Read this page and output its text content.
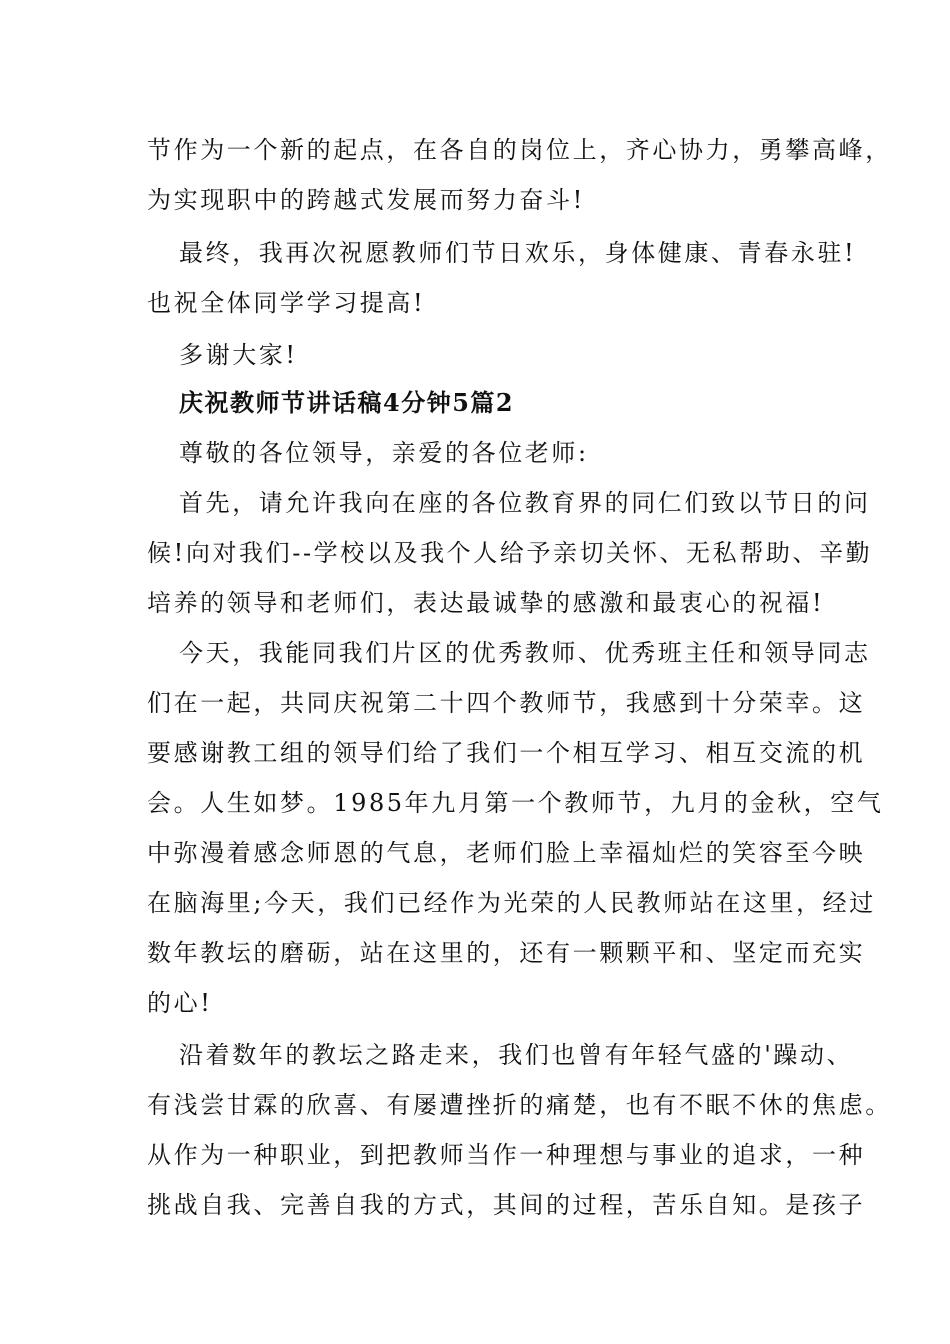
节作为一个新的起点，在各自的岗位上，齐心协力，勇攀高峰，
为实现职中的跨越式发展而努力奋斗!
最终，我再次祝愿教师们节日欢乐，身体健康、青春永驻!
也祝全体同学学习提高!
多谢大家!
庆祝教师节讲话稿4分钟5篇2
尊敬的各位领导，亲爱的各位老师:
首先，请允许我向在座的各位教育界的同仁们致以节日的问
候!向对我们--学校以及我个人给予亲切关怀、无私帮助、辛勤
培养的领导和老师们，表达最诚挚的感激和最衷心的祝福!
今天，我能同我们片区的优秀教师、优秀班主任和领导同志
们在一起，共同庆祝第二十四个教师节，我感到十分荣幸。这
要感谢教工组的领导们给了我们一个相互学习、相互交流的机
会。人生如梦。1985年九月第一个教师节，九月的金秋，空气
中弥漫着感念师恩的气息，老师们脸上幸福灿烂的笑容至今映
在脑海里;今天，我们已经作为光荣的人民教师站在这里，经过
数年教坛的磨砺，站在这里的，还有一颗颗平和、坚定而充实
的心!
沿着数年的教坛之路走来，我们也曾有年轻气盛的'躁动、
有浅尝甘霖的欣喜、有屡遭挫折的痛楚，也有不眠不休的焦虑。
从作为一种职业，到把教师当作一种理想与事业的追求，一种
挑战自我、完善自我的方式，其间的过程，苦乐自知。是孩子
